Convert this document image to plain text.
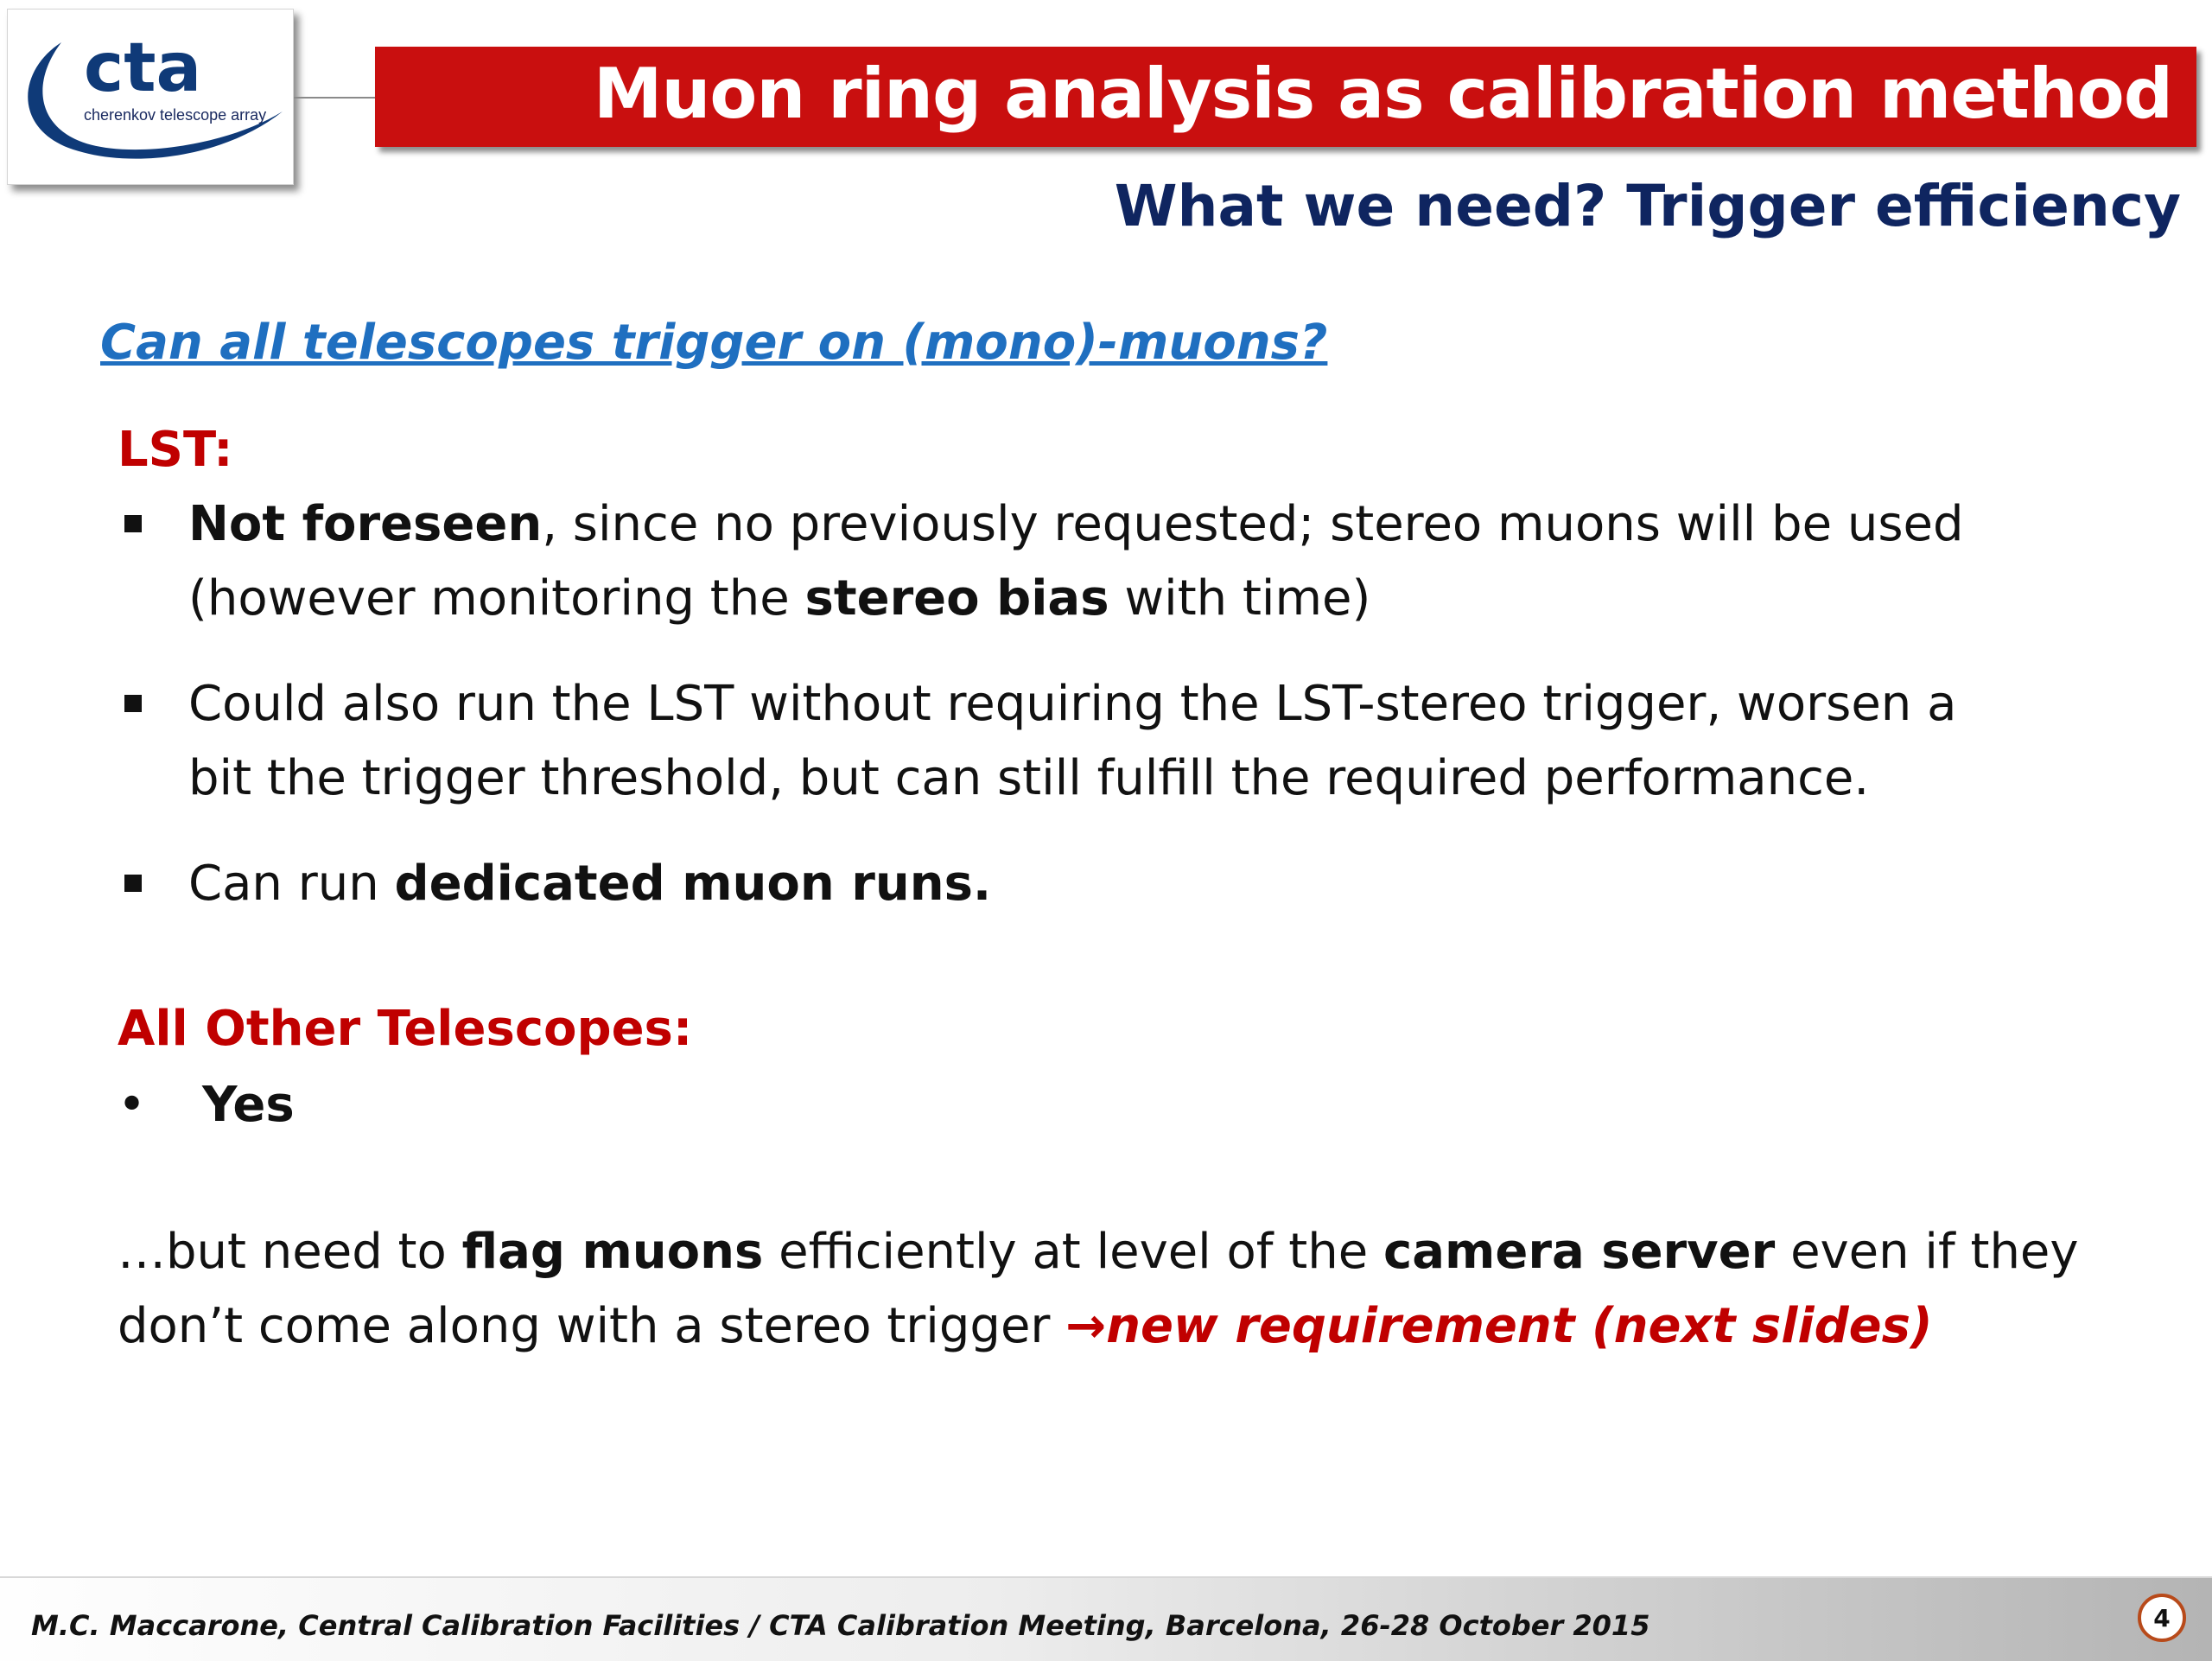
cta
cherenkov telescope array	Muon ring analysis as calibration method
What we need? Trigger efficiency
Can all telescopes trigger on (mono)-muons?
LST:
Not foreseen, since no previously requested; stereo muons will be used
(however monitoring the stereo bias with time)
Could also run the LST without requiring the LST-stereo trigger, worsen a
bit the trigger threshold, but can still fulfill the required performance.
Can run dedicated muon runs.
All Other Telescopes:
• Yes
…but need to flag muons efficiently at level of the camera server even if they
don’t come along with a stereo trigger →new requirement (next slides)
M.C. Maccarone, Central Calibration Facilities / CTA Calibration Meeting, Barcelona, 26-28 October 2015	4
